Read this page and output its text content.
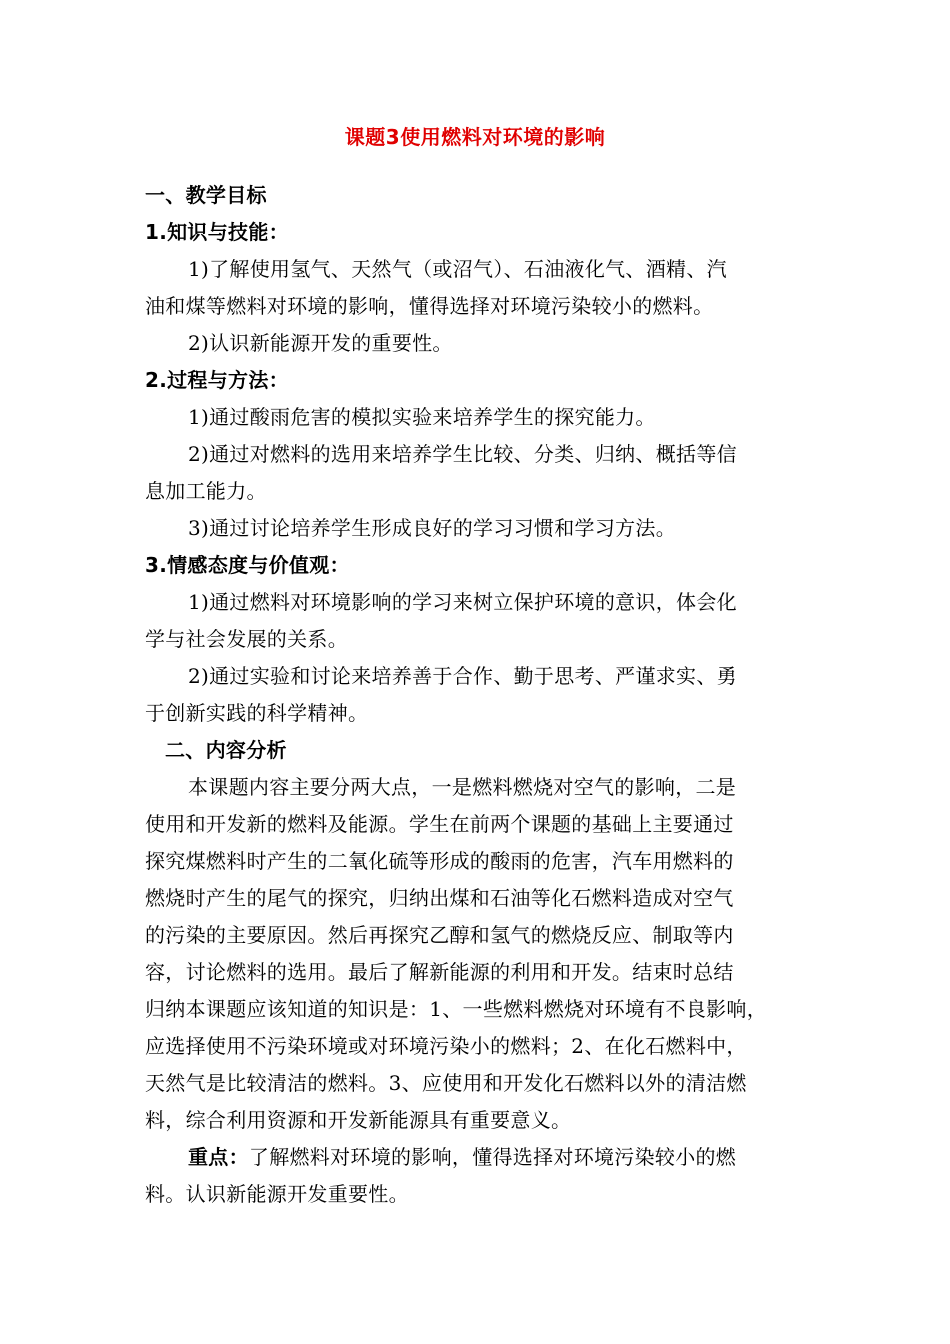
课题3使用燃料对环境的影响
一、教学目标
1.知识与技能：
1)了解使用氢气、天然气（或沼气）、石油液化气、酒精、汽
油和煤等燃料对环境的影响，懂得选择对环境污染较小的燃料。
2)认识新能源开发的重要性。
2.过程与方法：
1)通过酸雨危害的模拟实验来培养学生的探究能力。
2)通过对燃料的选用来培养学生比较、分类、归纳、概括等信
息加工能力。
3)通过讨论培养学生形成良好的学习习惯和学习方法。
3.情感态度与价值观：
1)通过燃料对环境影响的学习来树立保护环境的意识，体会化
学与社会发展的关系。
2)通过实验和讨论来培养善于合作、勤于思考、严谨求实、勇
于创新实践的科学精神。
二、内容分析
本课题内容主要分两大点，一是燃料燃烧对空气的影响，二是
使用和开发新的燃料及能源。学生在前两个课题的基础上主要通过
探究煤燃料时产生的二氧化硫等形成的酸雨的危害，汽车用燃料的
燃烧时产生的尾气的探究，归纳出煤和石油等化石燃料造成对空气
的污染的主要原因。然后再探究乙醇和氢气的燃烧反应、制取等内
容，讨论燃料的选用。最后了解新能源的利用和开发。结束时总结
归纳本课题应该知道的知识是：1、一些燃料燃烧对环境有不良影响，
应选择使用不污染环境或对环境污染小的燃料；2、在化石燃料中，
天然气是比较清洁的燃料。3、应使用和开发化石燃料以外的清洁燃
料，综合利用资源和开发新能源具有重要意义。
重点：了解燃料对环境的影响，懂得选择对环境污染较小的燃
料。认识新能源开发重要性。
